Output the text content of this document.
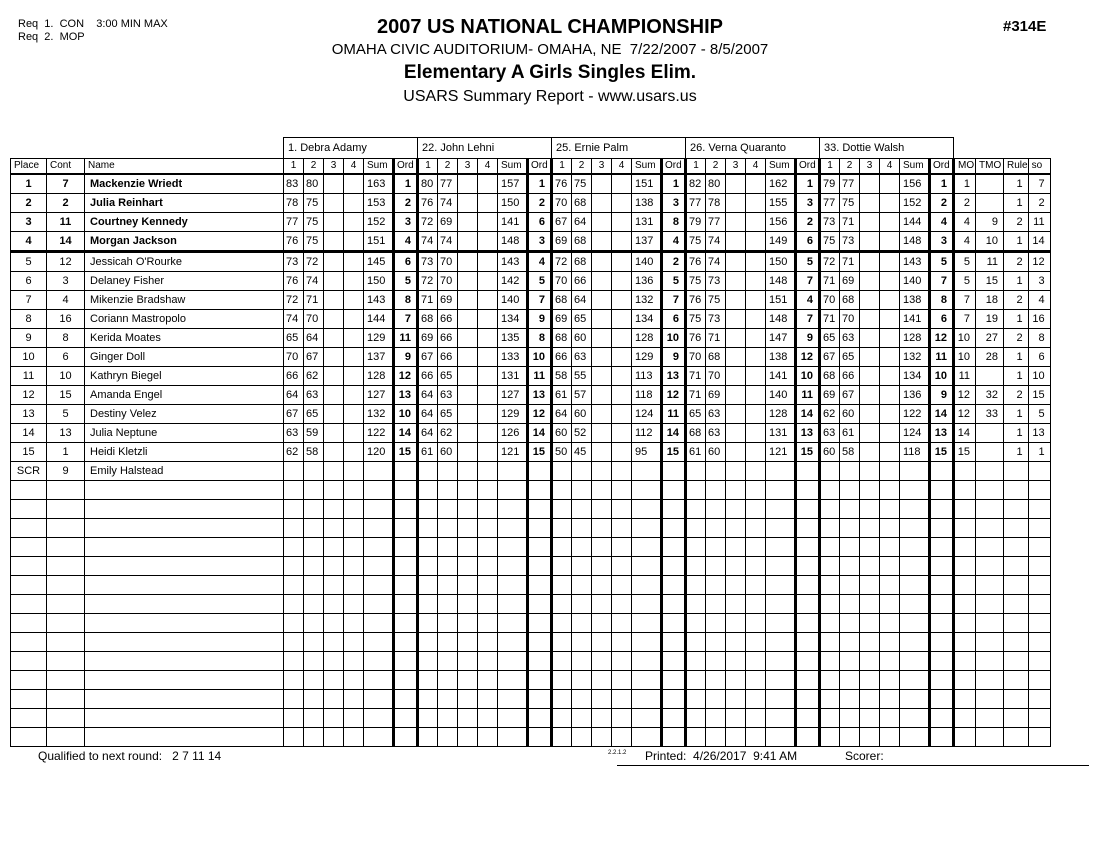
Req  1.  CON    3:00 MIN MAX
Req  2.  MOP	2007 US NATIONAL CHAMPIONSHIP
OMAHA CIVIC AUDITORIUM- OMAHA, NE  7/22/2007 - 8/5/2007
Elementary A Girls Singles Elim.
USARS Summary Report - www.usars.us
#314E
			1. Debra Adamy						22. John Lehni						25. Ernie Palm						26. Verna Quaranto						33. Dottie Walsh									
Place	Cont	Name	1	2	3	4	Sum	Ord	1	2	3	4	Sum	Ord	1	2	3	4	Sum	Ord	1	2	3	4	Sum	Ord	1	2	3	4	Sum	Ord	MO	TMO	Rule	so
1	7	Mackenzie Wriedt	83	80			163	1	80	77			157	1	76	75			151	1	82	80			162	1	79	77			156	1	1		1	7
2	2	Julia Reinhart	78	75			153	2	76	74			150	2	70	68			138	3	77	78			155	3	77	75			152	2	2		1	2
3	11	Courtney Kennedy	77	75			152	3	72	69			141	6	67	64			131	8	79	77			156	2	73	71			144	4	4	9	2	11
4	14	Morgan Jackson	76	75			151	4	74	74			148	3	69	68			137	4	75	74			149	6	75	73			148	3	4	10	1	14
5	12	Jessicah O'Rourke	73	72			145	6	73	70			143	4	72	68			140	2	76	74			150	5	72	71			143	5	5	11	2	12
6	3	Delaney Fisher	76	74			150	5	72	70			142	5	70	66			136	5	75	73			148	7	71	69			140	7	5	15	1	3
7	4	Mikenzie Bradshaw	72	71			143	8	71	69			140	7	68	64			132	7	76	75			151	4	70	68			138	8	7	18	2	4
8	16	Coriann Mastropolo	74	70			144	7	68	66			134	9	69	65			134	6	75	73			148	7	71	70			141	6	7	19	1	16
9	8	Kerida Moates	65	64			129	11	69	66			135	8	68	60			128	10	76	71			147	9	65	63			128	12	10	27	2	8
10	6	Ginger Doll	70	67			137	9	67	66			133	10	66	63			129	9	70	68			138	12	67	65			132	11	10	28	1	6
11	10	Kathryn Biegel	66	62			128	12	66	65			131	11	58	55			113	13	71	70			141	10	68	66			134	10	11		1	10
12	15	Amanda Engel	64	63			127	13	64	63			127	13	61	57			118	12	71	69			140	11	69	67			136	9	12	32	2	15
13	5	Destiny Velez	67	65			132	10	64	65			129	12	64	60			124	11	65	63			128	14	62	60			122	14	12	33	1	5
14	13	Julia Neptune	63	59			122	14	64	62			126	14	60	52			112	14	68	63			131	13	63	61			124	13	14		1	13
15	1	Heidi Kletzli	62	58			120	15	61	60			121	15	50	45			95	15	61	60			121	15	60	58			118	15	15		1	1
SCR	9	Emily Halstead																																		

Qualified to next round:   2 7 11 14	2.2.1.2 Printed:  4/26/2017  9:41 AM	Scorer:
